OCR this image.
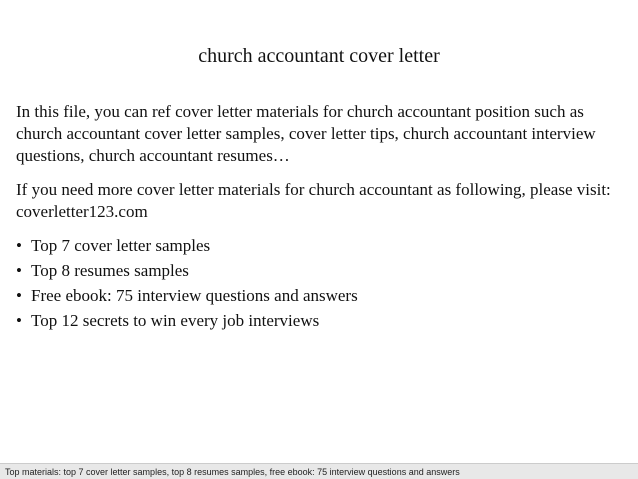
church accountant cover letter

In this file, you can ref cover letter materials for church accountant position such as church accountant cover letter samples, cover letter tips, church accountant interview questions, church accountant resumes…

If you need more cover letter materials for church accountant as following, please visit: coverletter123.com

• Top 7 cover letter samples
• Top 8 resumes samples
• Free ebook: 75 interview questions and answers
• Top 12 secrets to win every job interviews
Top materials: top 7 cover letter samples, top 8 resumes samples, free ebook: 75 interview questions and answers
